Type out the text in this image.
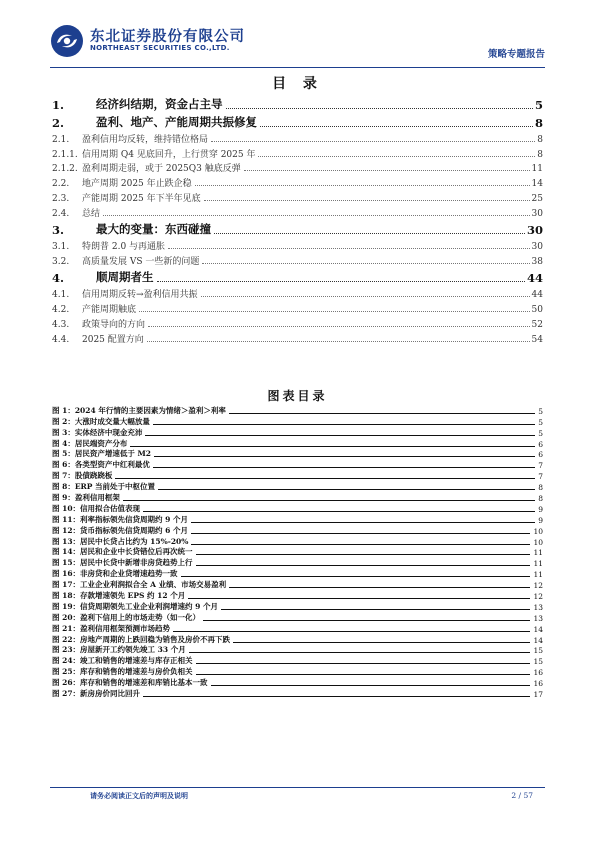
东北证券股份有限公司
NORTHEAST SECURITIES CO.,LTD.
策略专题报告
目 录
1.	经济纠结期，资金占主导	5
2.	盈利、地产、产能周期共振修复	8
2.1.	盈利信用均反转，维持错位格局	8
2.1.1. 信用周期 Q4 见底回升，上行贯穿 2025 年	8
2.1.2. 盈利周期走弱，或于 2025Q3 触底反弹	11
2.2.	地产周期 2025 年止跌企稳	14
2.3.	产能周期 2025 年下半年见底	25
2.4.	总结	30
3.	最大的变量：东西碰撞	30
3.1.	特朗普 2.0 与再通胀	30
3.2.	高质量发展 VS 一些新的问题	38
4.	顺周期者生	44
4.1.	信用周期反转→盈利信用共振	44
4.2.	产能周期触底	50
4.3.	政策导向的方向	52
4.4.	2025 配置方向	54
图表目录
图 1：2024 年行情的主要因素为情绪＞盈利＞利率	5
图 2：大涨时成交量大幅放量	5
图 3：实体经济中现金充沛	5
图 4：居民端资产分布	6
图 5：居民资产增速低于 M2	6
图 6：各类型资产中红利最优	7
图 7：股债跷跷板	7
图 8：ERP 当前处于中枢位置	8
图 9：盈利信用框架	8
图 10：信用拟合估值表现	9
图 11：利率指标领先信贷周期约 9 个月	9
图 12：货币指标领先信贷周期约 6 个月	10
图 13：居民中长贷占比约为 15%-20%	10
图 14：居民和企业中长贷错位后再次统一	11
图 15：居民中长贷中新增非房贷趋势上行	11
图 16：非房贷和企业贷增速趋势一致	11
图 17：工业企业利润拟合全 A 业绩、市场交易盈利	12
图 18：存款增速领先 EPS 约 12 个月	12
图 19：信贷周期领先工业企业利润增速约 9 个月	13
图 20：盈利下信用上的市场走势（如一化）	13
图 21：盈利信用框架预测市场趋势	14
图 22：房地产周期的上跌回稳为销售及房价不再下跌	14
图 23：房屋新开工约领先竣工 33 个月	15
图 24：竣工和销售的增速差与库存正相关	15
图 25：库存和销售的增速差与房价负相关	16
图 26：库存和销售的增速差和库销比基本一致	16
图 27：新房房价同比回升	17
请务必阅读正文后的声明及说明	2 / 57
